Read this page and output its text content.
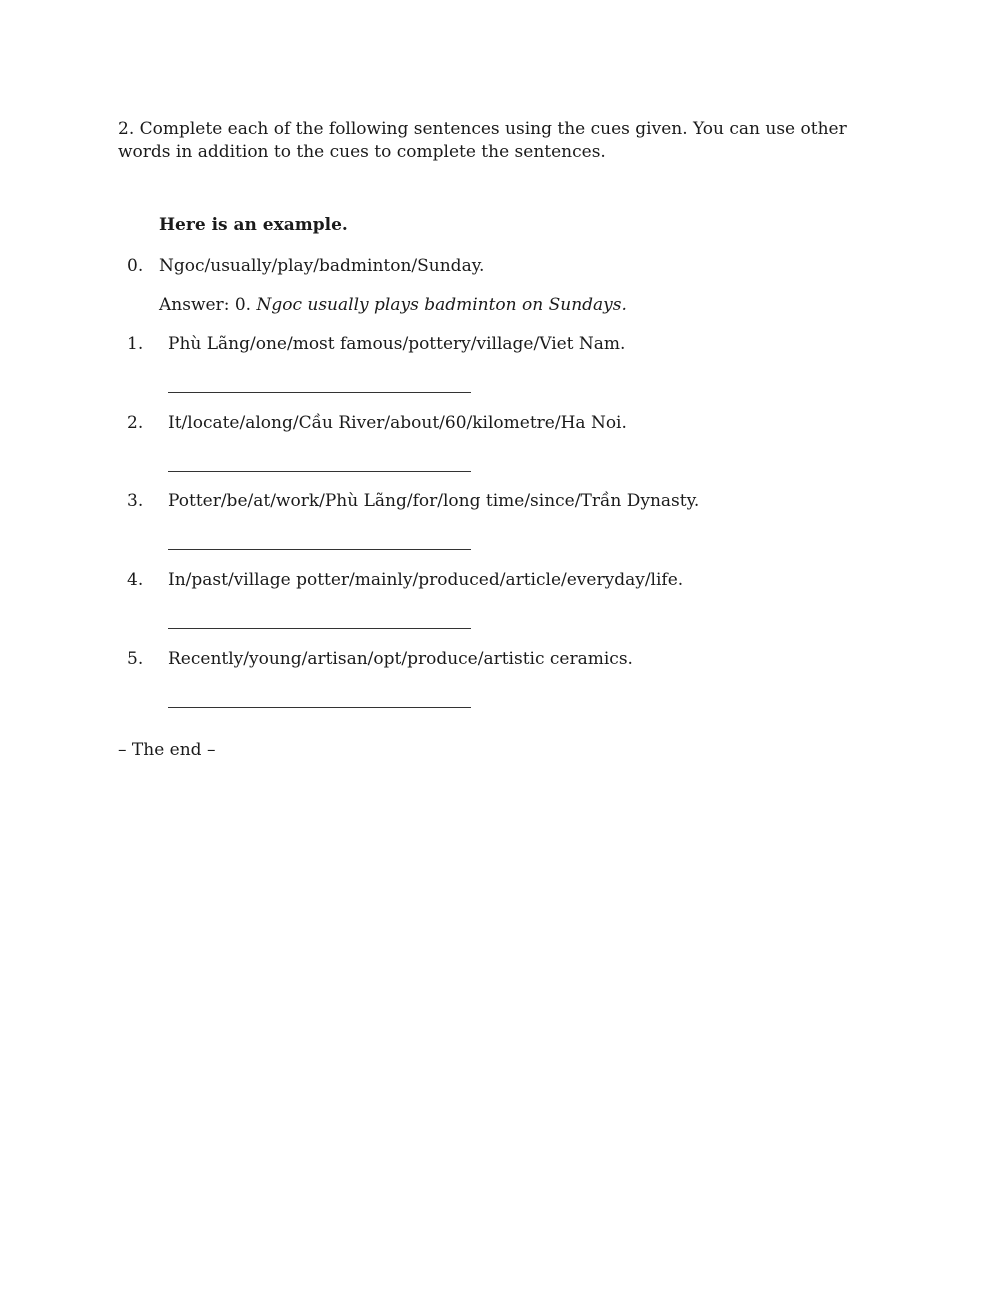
2. Complete each of the following sentences using the cues given. You can use other words in addition to the cues to complete the sentences.

Here is an example.

0. Ngoc/usually/play/badminton/Sunday.
Answer: 0. Ngoc usually plays badminton on Sundays.
1. Phù Lãng/one/most famous/pottery/village/Viet Nam.
2. It/locate/along/Cầu River/about/60/kilometre/Ha Noi.
3. Potter/be/at/work/Phù Lãng/for/long time/since/Trần Dynasty.
4. In/past/village potter/mainly/produced/article/everyday/life.
5. Recently/young/artisan/opt/produce/artistic ceramics.
– The end –
